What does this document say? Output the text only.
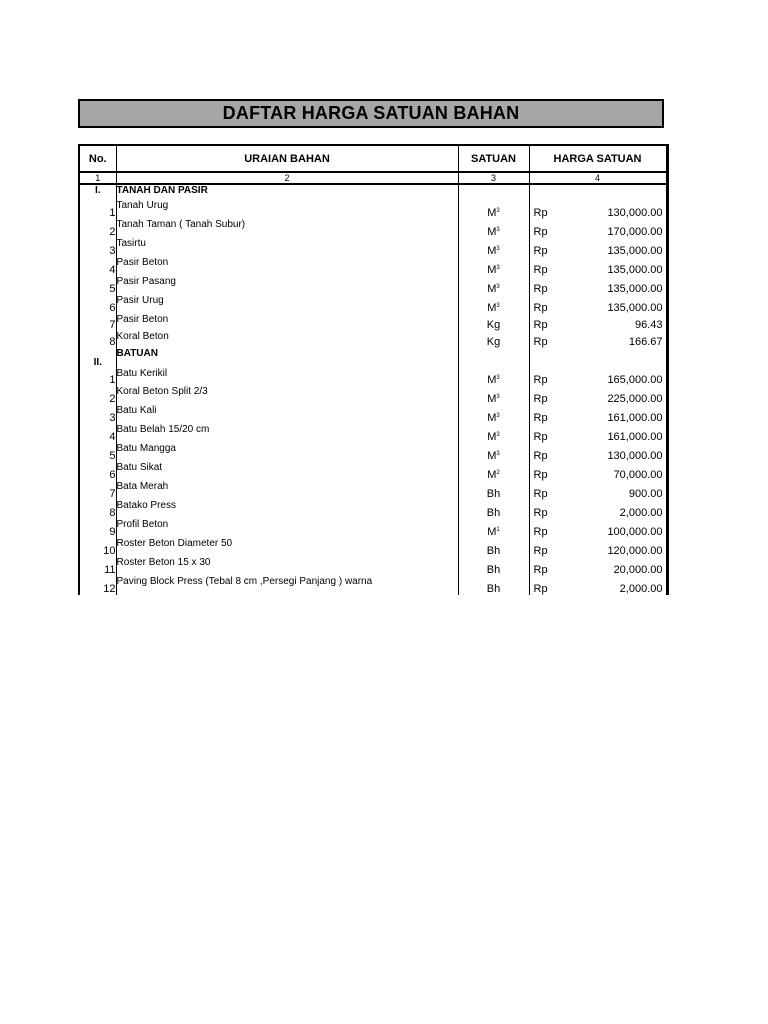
DAFTAR HARGA SATUAN BAHAN
No.	URAIAN BAHAN	SATUAN	HARGA SATUAN
1	2	3	4
I.	TANAH DAN PASIR		

1	Tanah Urug	$M^3$	Rp 130,000.00

2	Tanah Taman ( Tanah Subur)	$M^3$	Rp 170,000.00

3	Tasirtu	$M^3$	Rp 135,000.00

4	Pasir Beton	$M^3$	Rp 135,000.00

5	Pasir Pasang	$M^3$	Rp 135,000.00

6	Pasir Urug	$M^3$	Rp 135,000.00

7	Pasir Beton	Kg	Rp 96.43

8	Koral Beton	Kg	Rp 166.67

II.	BATUAN		

1	Batu Kerikil	$M^3$	Rp 165,000.00

2	Koral Beton Split 2/3	$M^3$	Rp 225,000.00

3	Batu Kali	$M^3$	Rp 161,000.00

4	Batu Belah 15/20 cm	$M^3$	Rp 161,000.00

5	Batu Mangga	$M^3$	Rp 130,000.00

6	Batu Sikat	$M^2$	Rp 70,000.00

7	Bata Merah	Bh	Rp 900.00

8	Batako Press	Bh	Rp 2,000.00

9	Profil Beton	$M^1$	Rp 100,000.00

10	Roster Beton Diameter 50	Bh	Rp 120,000.00

11	Roster Beton 15 x 30	Bh	Rp 20,000.00

12	Paving Block Press (Tebal 8 cm ,Persegi Panjang ) warna	Bh	Rp 2,000.00
